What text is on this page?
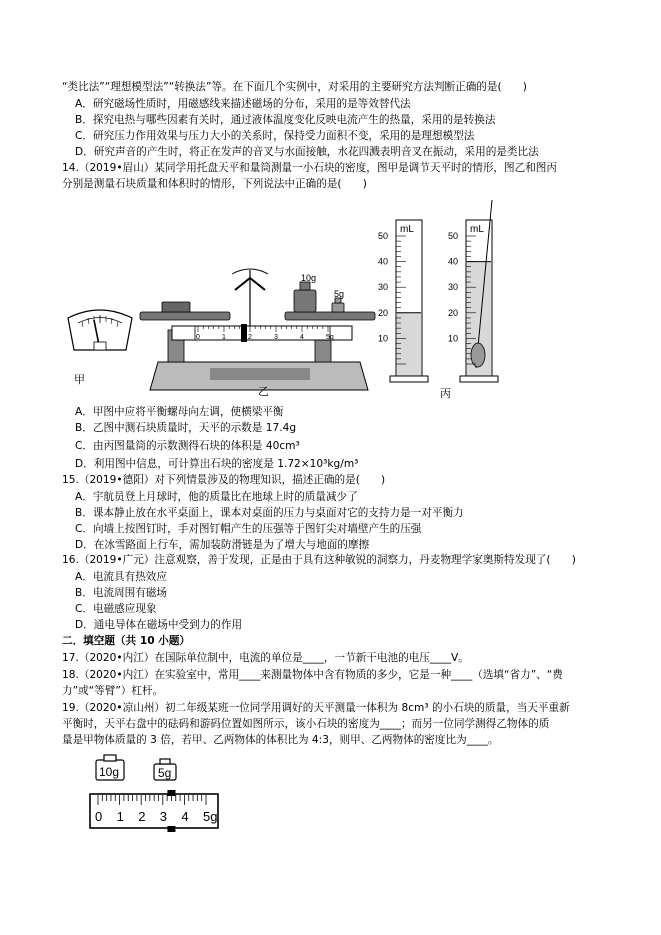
“类比法”“理想模型法”“转换法”等。在下面几个实例中，对采用的主要研究方法判断正确的是(　　)
A．研究磁场性质时，用磁感线来描述磁场的分布，采用的是等效替代法
B．探究电热与哪些因素有关时，通过液体温度变化反映电流产生的热量，采用的是转换法
C．研究压力作用效果与压力大小的关系时，保持受力面积不变，采用的是理想模型法
D．研究声音的产生时，将正在发声的音叉与水面接触，水花四溅表明音叉在振动，采用的是类比法
14.（2019•眉山）某同学用托盘天平和量筒测量一小石块的密度，图甲是调节天平时的情形，图乙和图丙
分别是测量石块质量和体积时的情形，下列说法中正确的是(　　)
甲
0	1	2	3	4	5g
10g
5g
乙
50
40
30
20
10
50
40
30
20
10
mL	mL
丙
A．甲图中应将平衡螺母向左调，使横梁平衡
B．乙图中测石块质量时，天平的示数是 17.4g
C．由丙图量筒的示数测得石块的体积是 40cm³
D．利用图中信息，可计算出石块的密度是 1.72×10³kg/m³
15.（2019•德阳）对下列情景涉及的物理知识，描述正确的是(　　)
A．宇航员登上月球时，他的质量比在地球上时的质量减少了
B．课本静止放在水平桌面上，课本对桌面的压力与桌面对它的支持力是一对平衡力
C．向墙上按图钉时，手对图钉帽产生的压强等于图钉尖对墙壁产生的压强
D．在冰雪路面上行车，需加装防滑链是为了增大与地面的摩擦
16.（2019•广元）注意观察，善于发现，正是由于具有这种敏锐的洞察力，丹麦物理学家奥斯特发现了(　　)
A．电流具有热效应
B．电流周围有磁场
C．电磁感应现象
D．通电导体在磁场中受到力的作用
二．填空题（共 10 小题）
17.（2020•内江）在国际单位制中，电流的单位是____，一节新干电池的电压____V。
18.（2020•内江）在实验室中，常用____来测量物体中含有物质的多少，它是一种____（选填“省力”、“费
力”或“等臂”）杠杆。
19.（2020•凉山州）初二年级某班一位同学用调好的天平测量一体积为 8cm³ 的小石块的质量，当天平重新
平衡时，天平右盘中的砝码和游码位置如图所示，该小石块的密度为____；而另一位同学测得乙物体的质
量是甲物体质量的 3 倍，若甲、乙两物体的体积比为 4:3，则甲、乙两物体的密度比为____。
10g	5g
0 1 2 3 4 5g
